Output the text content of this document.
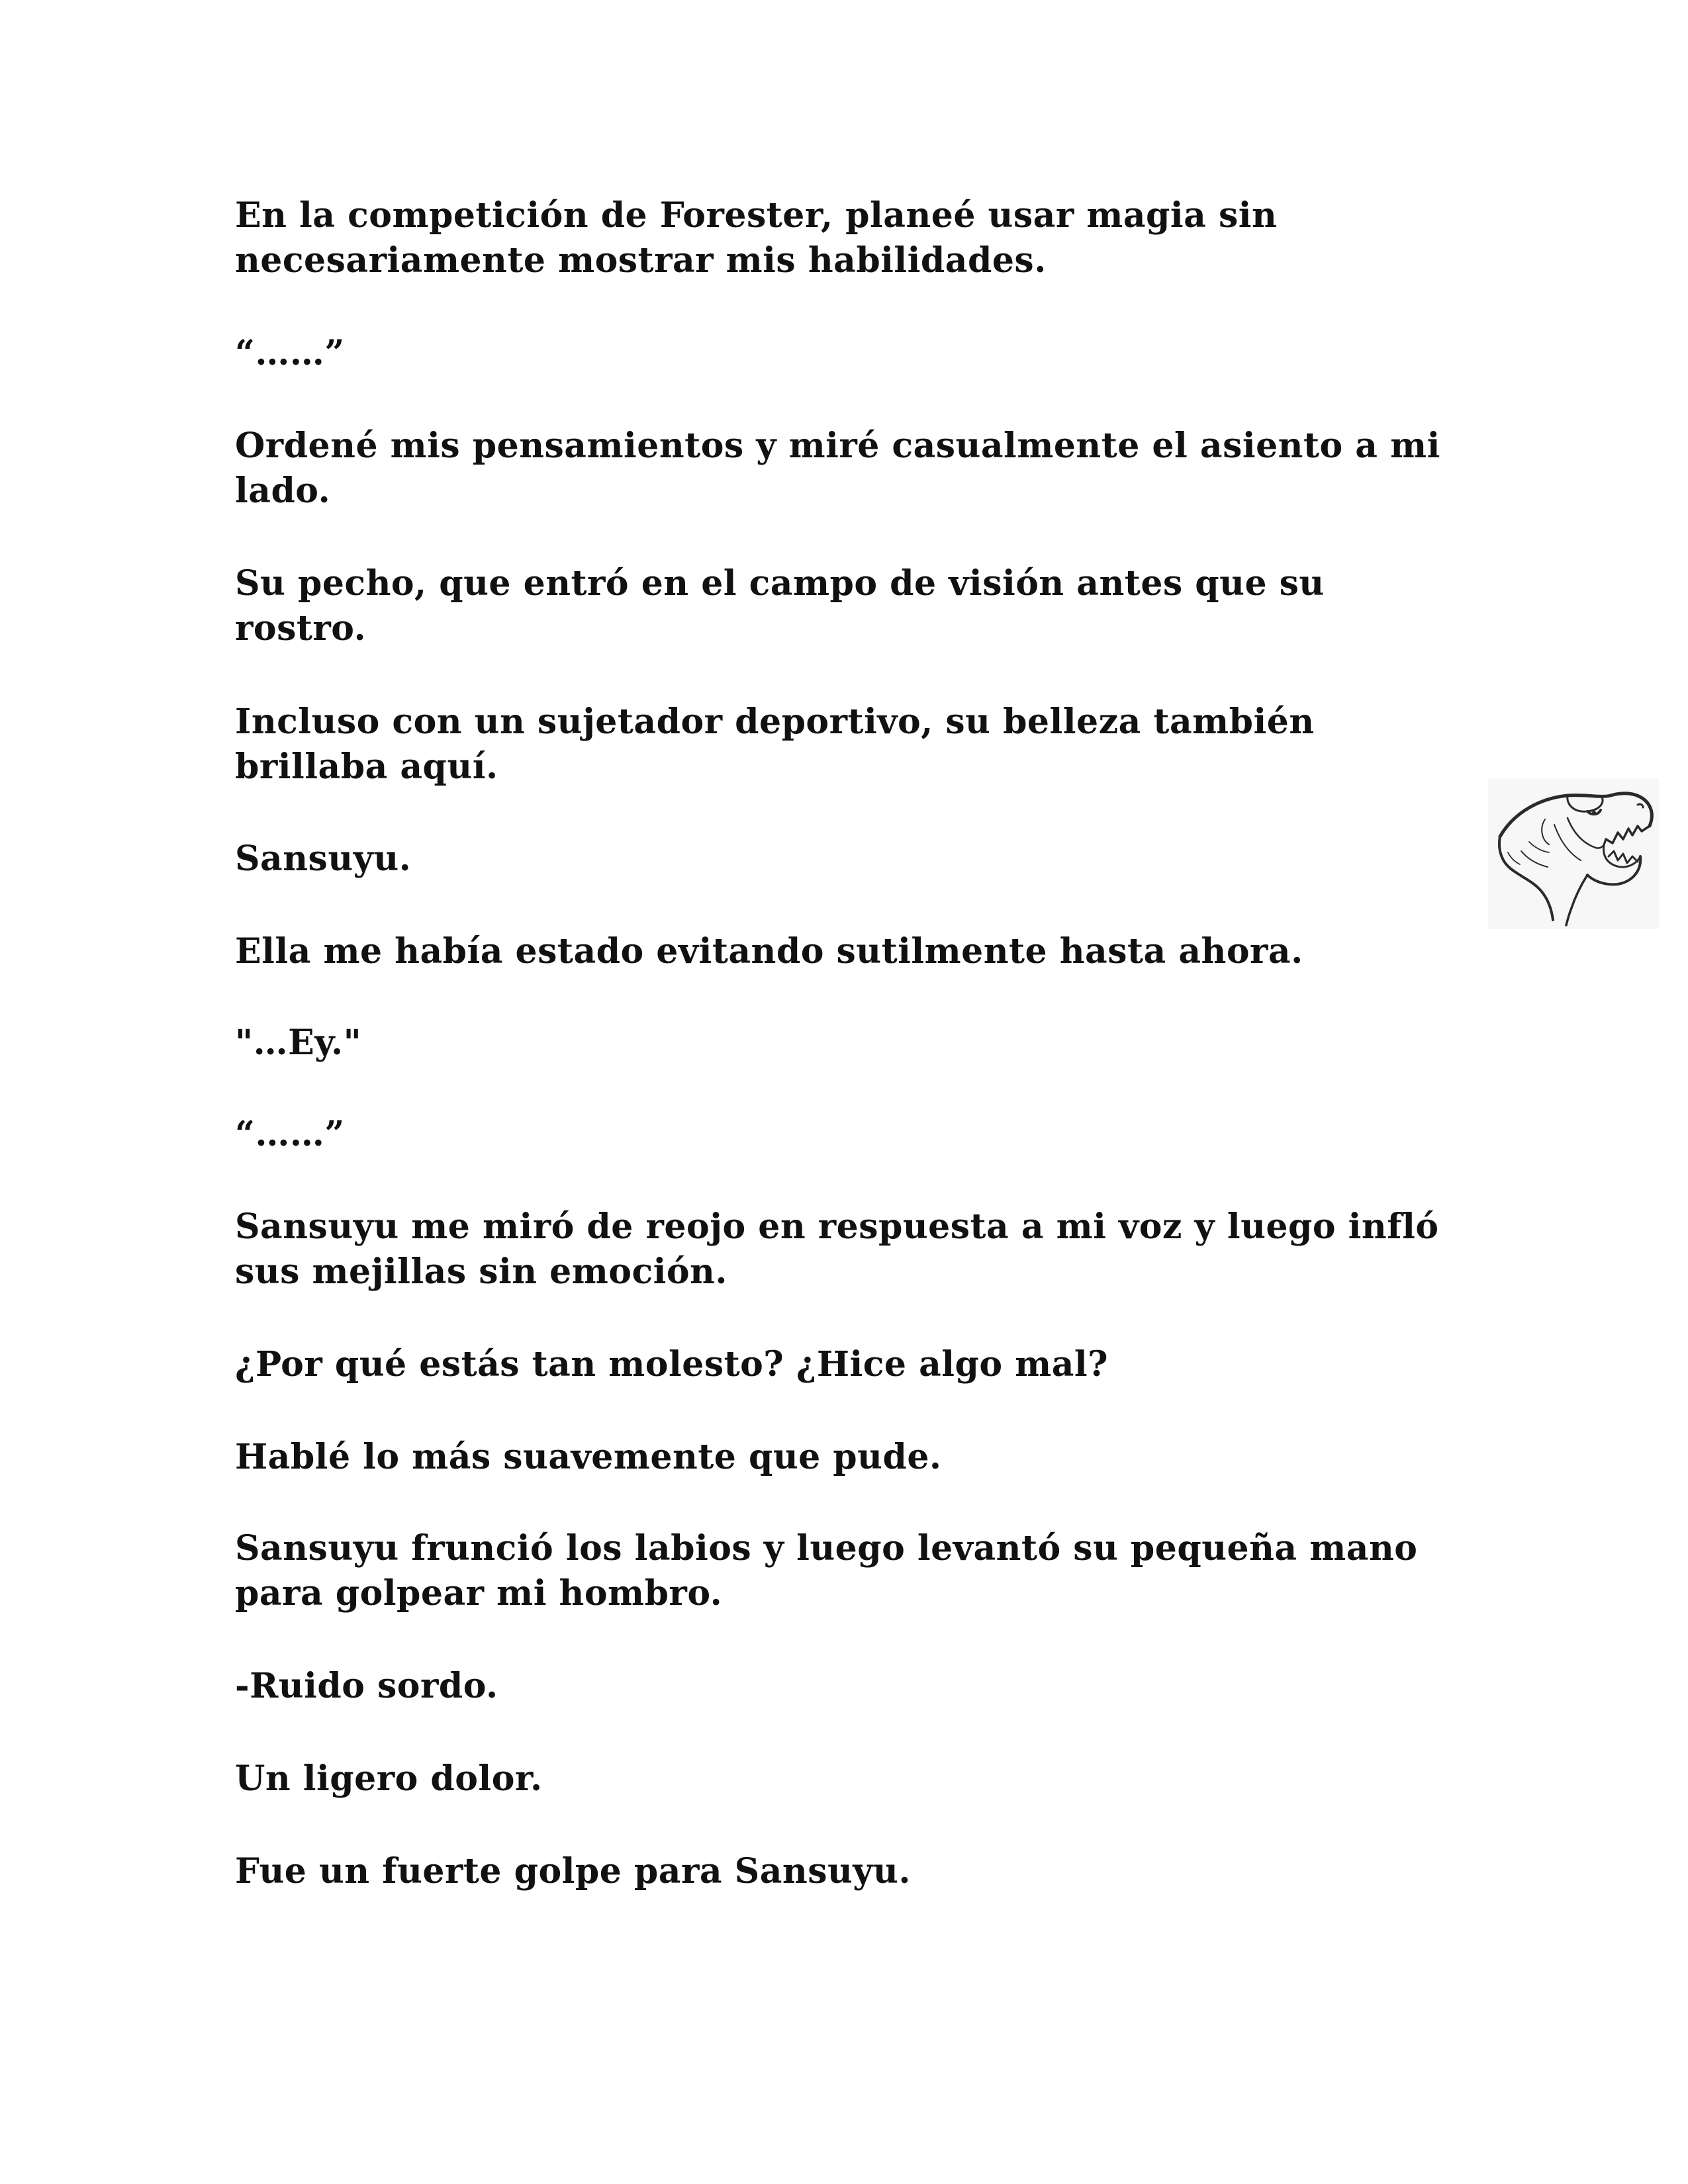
En la competición de Forester, planeé usar magia sin necesariamente mostrar mis habilidades.

“……”

Ordené mis pensamientos y miré casualmente el asiento a mi lado.

Su pecho, que entró en el campo de visión antes que su rostro.

Incluso con un sujetador deportivo, su belleza también brillaba aquí.

Sansuyu.

Ella me había estado evitando sutilmente hasta ahora.

"…Ey."

“……”

Sansuyu me miró de reojo en respuesta a mi voz y luego infló sus mejillas sin emoción.

¿Por qué estás tan molesto? ¿Hice algo mal?

Hablé lo más suavemente que pude.

Sansuyu frunció los labios y luego levantó su pequeña mano para golpear mi hombro.

-Ruido sordo.

Un ligero dolor.

Fue un fuerte golpe para Sansuyu.
